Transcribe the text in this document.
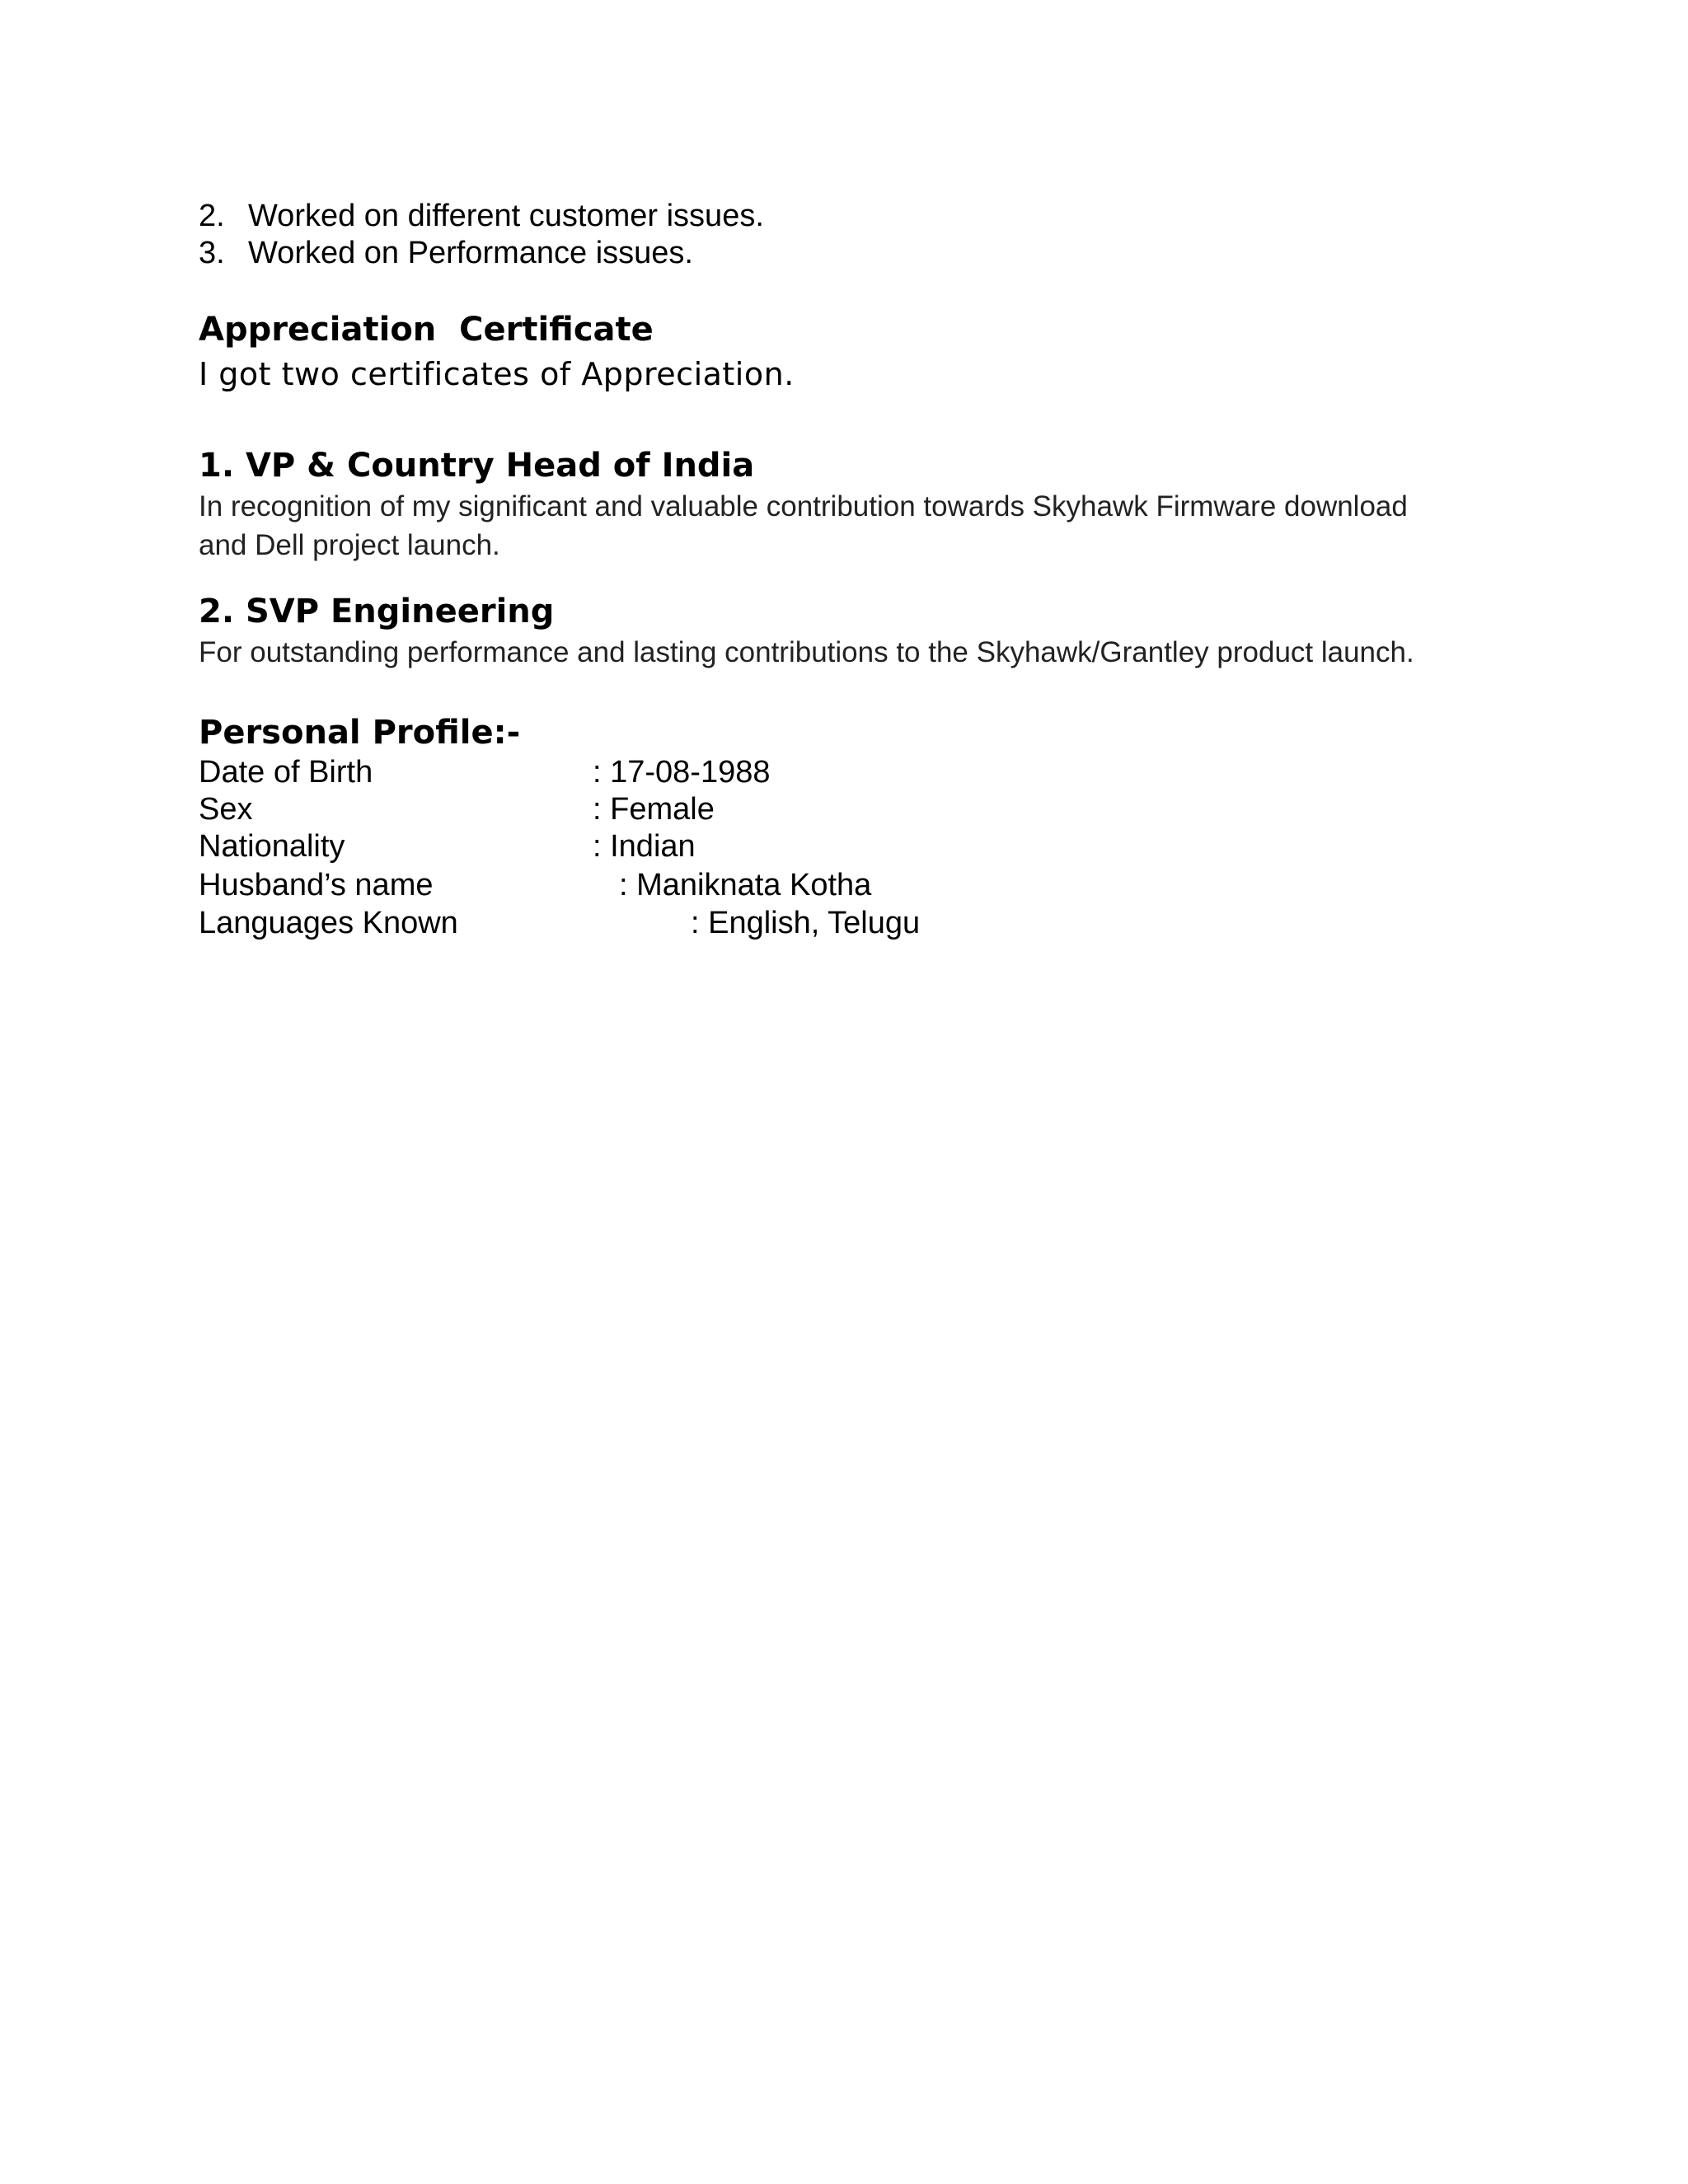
2. Worked on different customer issues.
3. Worked on Performance issues.
Appreciation  Certificate
I got two certificates of Appreciation.
1. VP & Country Head of India
In recognition of my significant and valuable contribution towards Skyhawk Firmware download
and Dell project launch.
2. SVP Engineering
For outstanding performance and lasting contributions to the Skyhawk/Grantley product launch.
Personal Profile:-
Date of Birth	: 17-08-1988
Sex	: Female
Nationality	: Indian
Husband’s name	: Maniknata Kotha
Languages Known	: English, Telugu
